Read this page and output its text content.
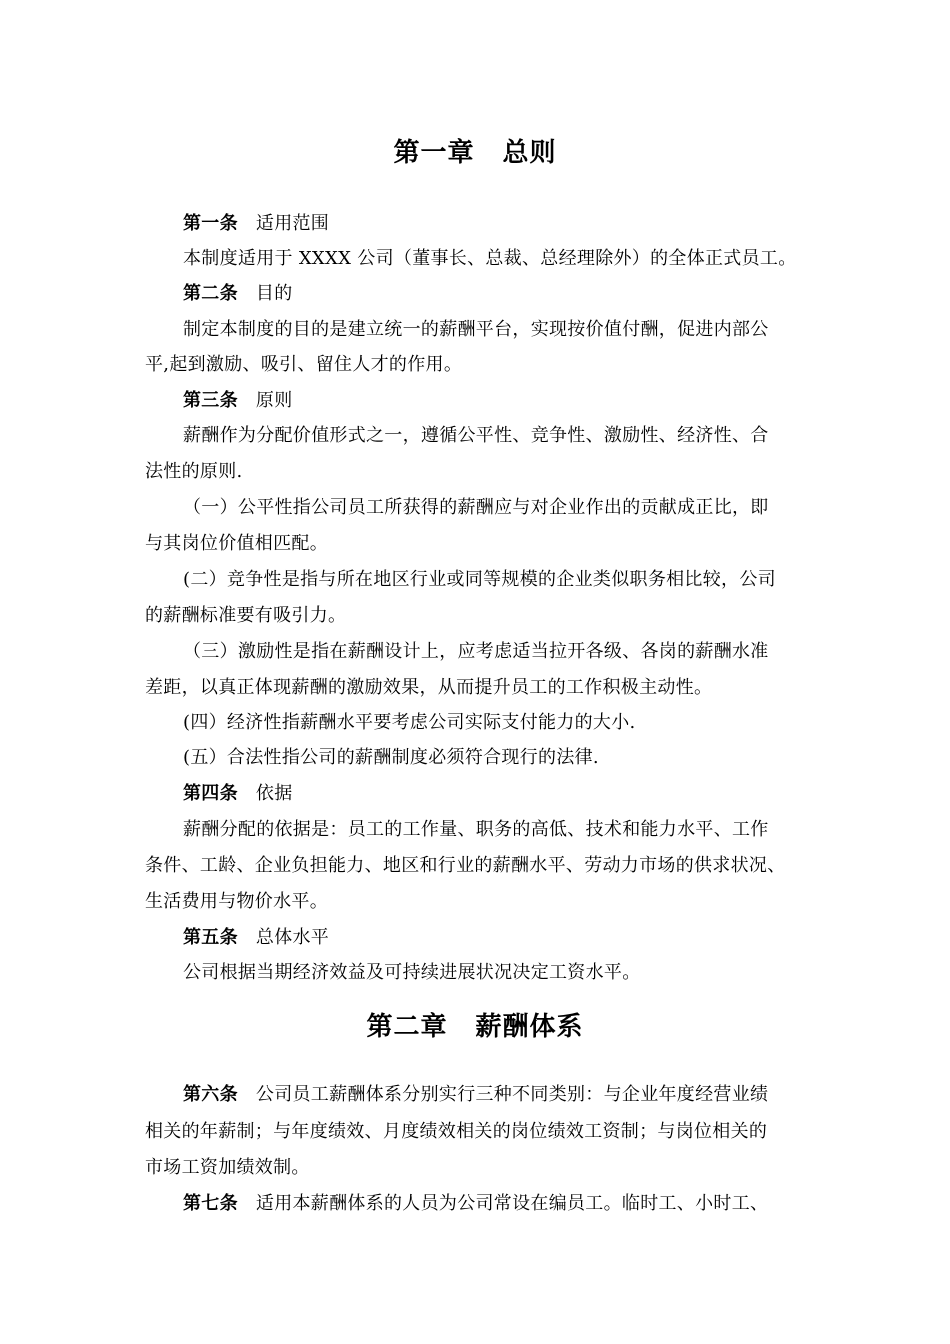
第一章 总则
第一条 适用范围
本制度适用于 XXXX 公司（董事长、总裁、总经理除外）的全体正式员工。
第二条 目的
制定本制度的目的是建立统一的薪酬平台，实现按价值付酬，促进内部公
平,起到激励、吸引、留住人才的作用。
第三条 原则
薪酬作为分配价值形式之一，遵循公平性、竞争性、激励性、经济性、合
法性的原则.
（一）公平性指公司员工所获得的薪酬应与对企业作出的贡献成正比，即
与其岗位价值相匹配。
(二）竞争性是指与所在地区行业或同等规模的企业类似职务相比较，公司
的薪酬标准要有吸引力。
（三）激励性是指在薪酬设计上，应考虑适当拉开各级、各岗的薪酬水准
差距，以真正体现薪酬的激励效果，从而提升员工的工作积极主动性。
(四）经济性指薪酬水平要考虑公司实际支付能力的大小.
(五）合法性指公司的薪酬制度必须符合现行的法律.
第四条 依据
薪酬分配的依据是：员工的工作量、职务的高低、技术和能力水平、工作
条件、工龄、企业负担能力、地区和行业的薪酬水平、劳动力市场的供求状况、
生活费用与物价水平。
第五条 总体水平
公司根据当期经济效益及可持续进展状况决定工资水平。
第二章 薪酬体系
第六条 公司员工薪酬体系分别实行三种不同类别：与企业年度经营业绩
相关的年薪制；与年度绩效、月度绩效相关的岗位绩效工资制；与岗位相关的
市场工资加绩效制。
第七条 适用本薪酬体系的人员为公司常设在编员工。临时工、小时工、
